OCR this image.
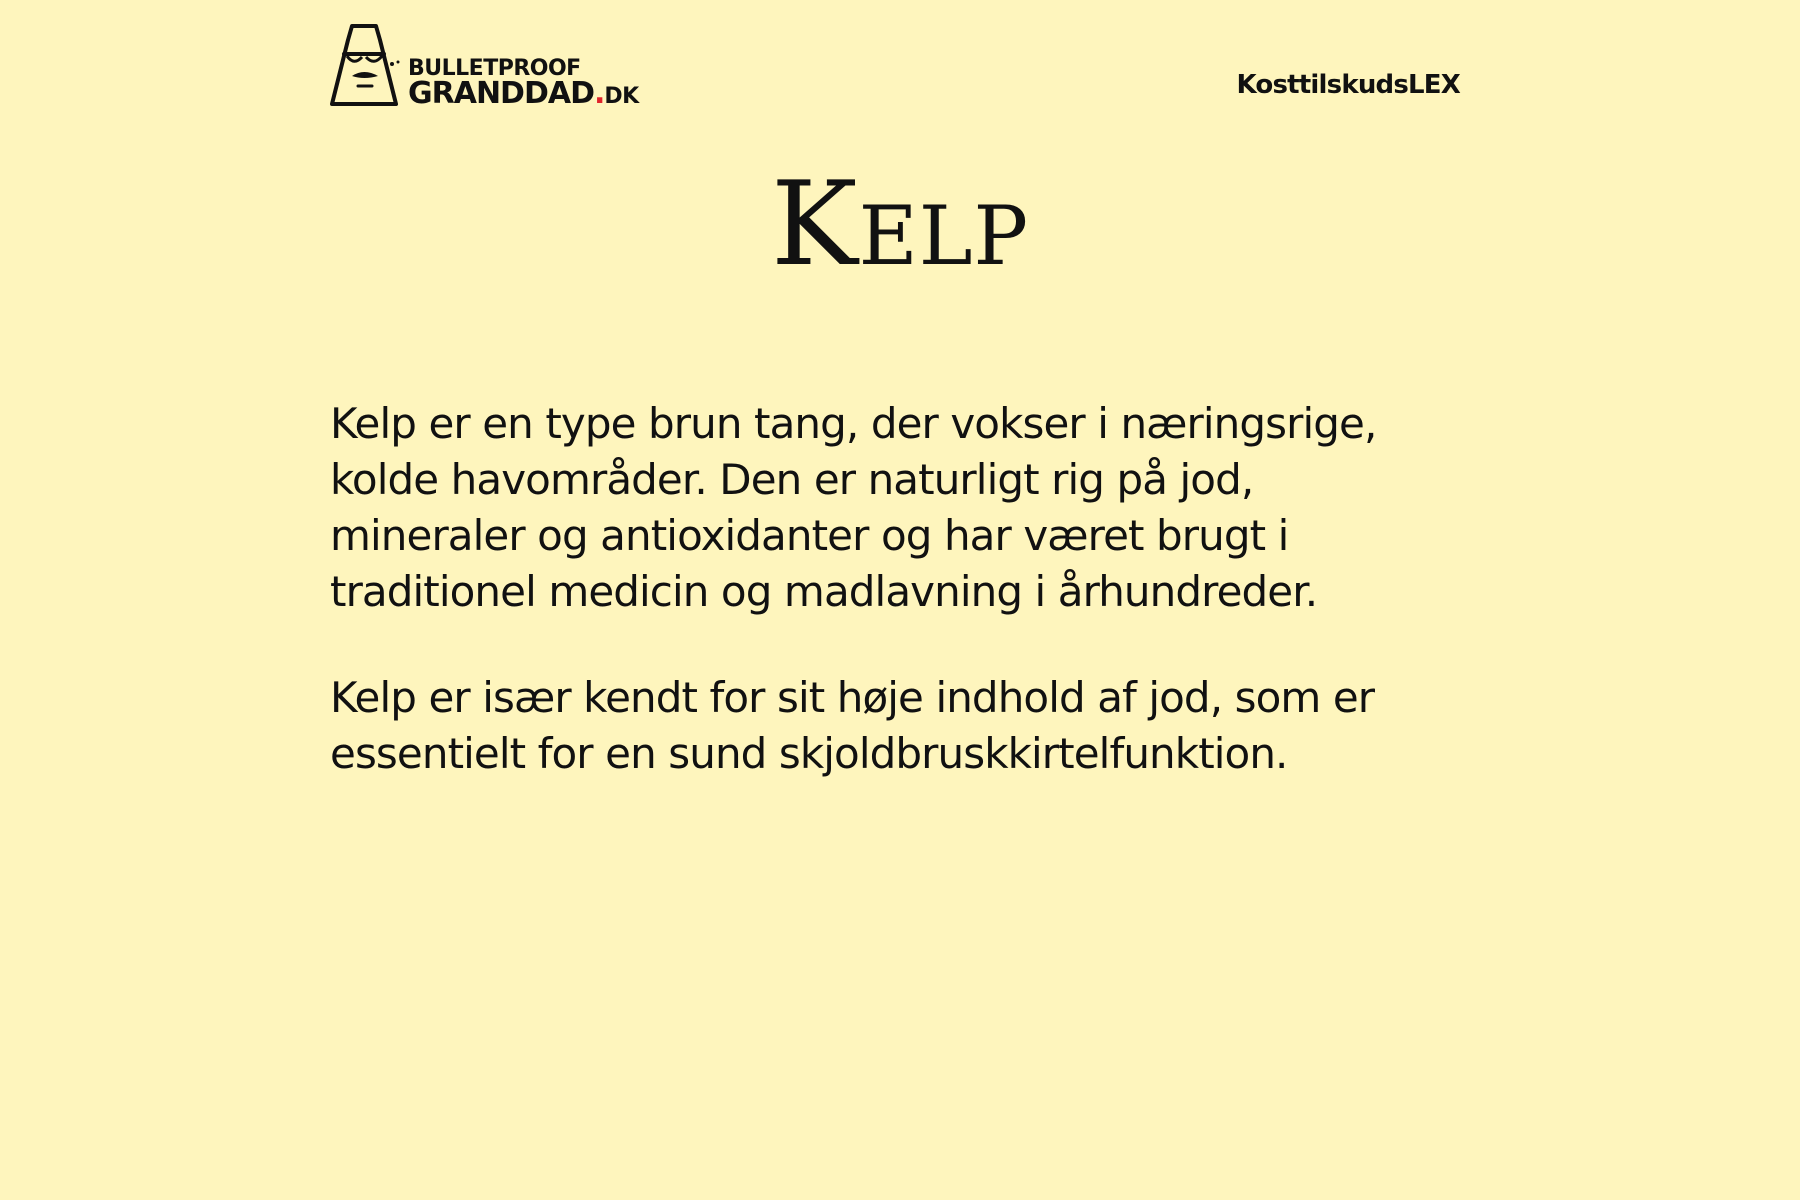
BULLETPROOF
GRANDDAD.DK	KosttilskudsLEX
Kelp

Kelp er en type brun tang, der vokser i næringsrige, kolde havområder. Den er naturligt rig på jod, mineraler og antioxidanter og har været brugt i traditionel medicin og madlavning i århundreder.

Kelp er især kendt for sit høje indhold af jod, som er essentielt for en sund skjoldbruskkirtelfunktion.
